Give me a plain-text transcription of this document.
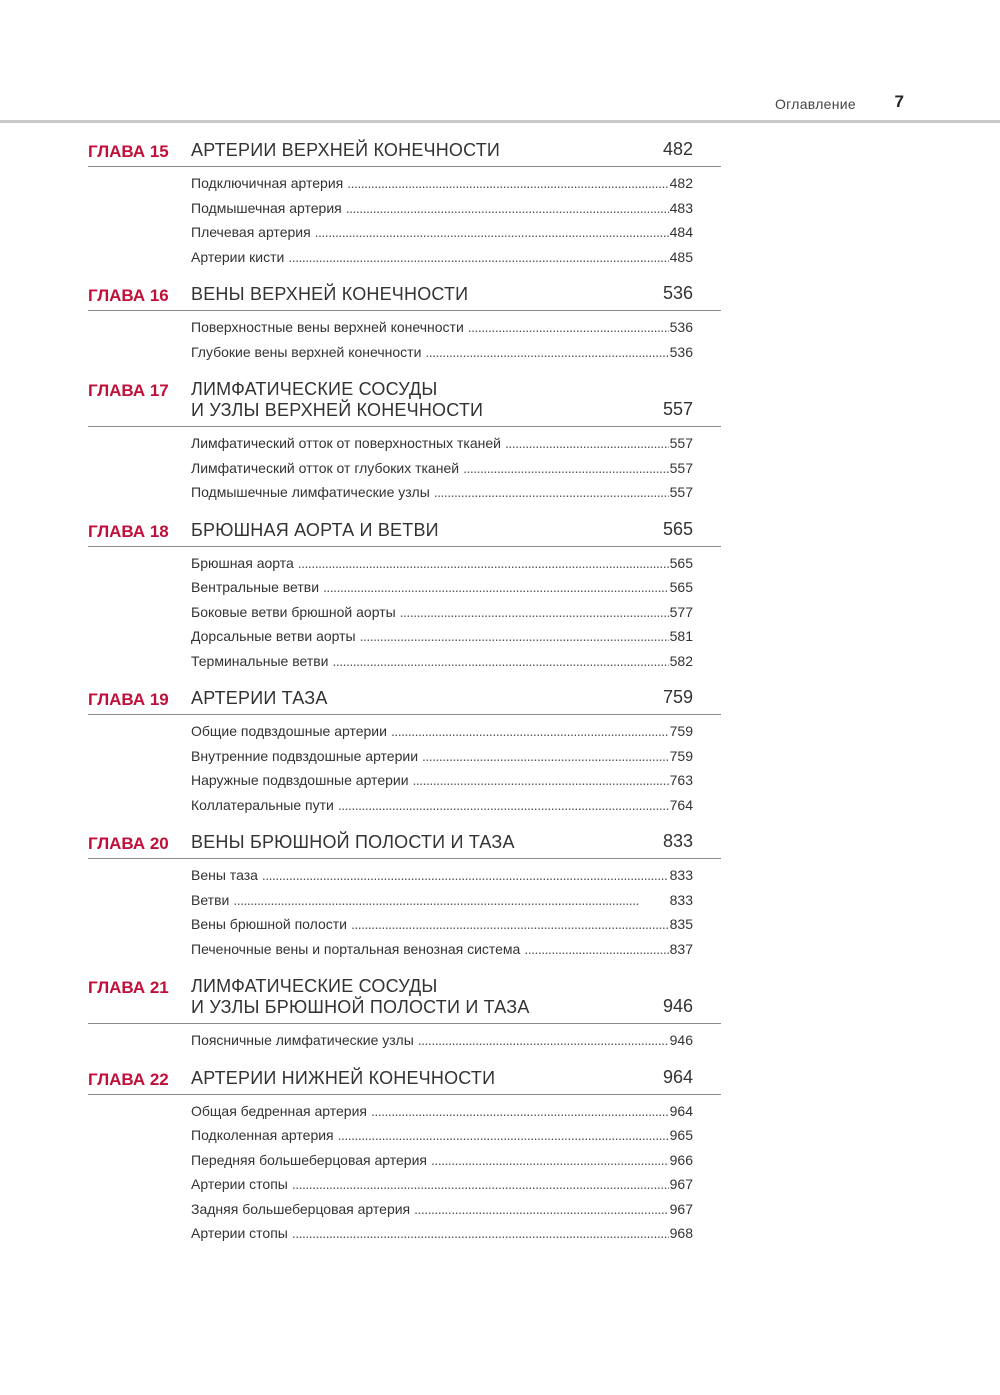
Оглавление 7
ГЛАВА 15 АРТЕРИИ ВЕРХНЕЙ КОНЕЧНОСТИ	482
Подключичная артерия . . .	482
Подмышечная артерия . . .	483
Плечевая артерия . . .	484
Артерии кисти . . .	485
ГЛАВА 16 ВЕНЫ ВЕРХНЕЙ КОНЕЧНОСТИ	536
Поверхностные вены верхней конечности . . .	536
Глубокие вены верхней конечности . . .	536
ГЛАВА 17 ЛИМФАТИЧЕСКИЕ СОСУДЫ
И УЗЛЫ ВЕРХНЕЙ КОНЕЧНОСТИ	557
Лимфатический отток от поверхностных тканей . . .	557
Лимфатический отток от глубоких тканей . . .	557
Подмышечные лимфатические узлы . . .	557
ГЛАВА 18 БРЮШНАЯ АОРТА И ВЕТВИ	565
Брюшная аорта . . .	565
Вентральные ветви . . .	565
Боковые ветви брюшной аорты . . .	577
Дорсальные ветви аорты . . .	581
Терминальные ветви . . .	582
ГЛАВА 19 АРТЕРИИ ТАЗА	759
Общие подвздошные артерии . . .	759
Внутренние подвздошные артерии . . .	759
Наружные подвздошные артерии . . .	763
Коллатеральные пути . . .	764
ГЛАВА 20 ВЕНЫ БРЮШНОЙ ПОЛОСТИ И ТАЗА	833
Вены таза . . .	833
Ветви . . .	833
Вены брюшной полости . . .	835
Печеночные вены и портальная венозная система . . .	837
ГЛАВА 21 ЛИМФАТИЧЕСКИЕ СОСУДЫ
И УЗЛЫ БРЮШНОЙ ПОЛОСТИ И ТАЗА	946
Поясничные лимфатические узлы . . .	946
ГЛАВА 22 АРТЕРИИ НИЖНЕЙ КОНЕЧНОСТИ	964
Общая бедренная артерия . . .	964
Подколенная артерия . . .	965
Передняя большеберцовая артерия . . .	966
Артерии стопы . . .	967
Задняя большеберцовая артерия . . .	967
Артерии стопы . . .	968
